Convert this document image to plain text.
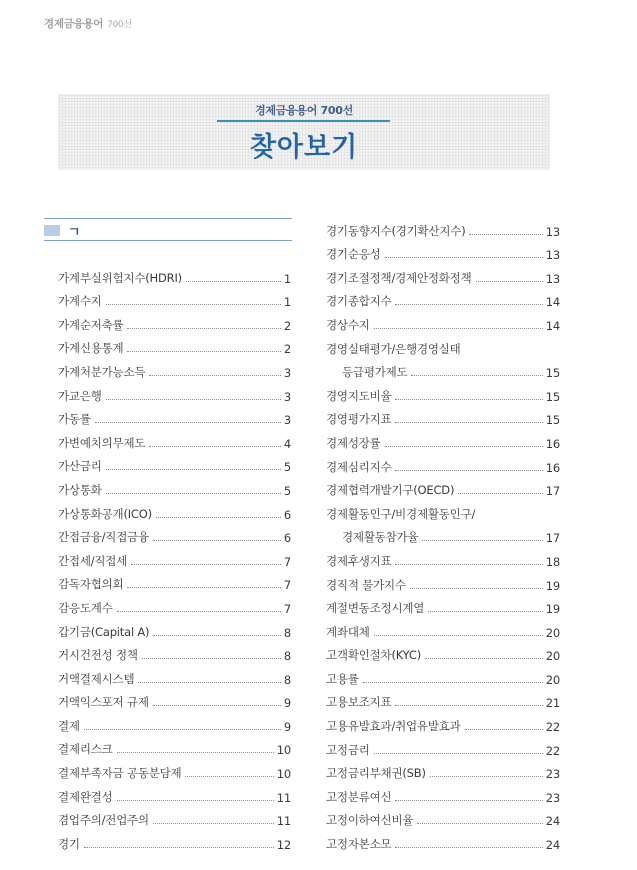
경제금융용어 700선
경제금융용어 700선
찾아보기
ㄱ
가계부실위험지수(HDRI)	1
가계수지	1
가계순저축률	2
가계신용통계	2
가계처분가능소득	3
가교은행	3
가동률	3
가변예치의무제도	4
가산금리	5
가상통화	5
가상통화공개(ICO)	6
간접금융/직접금융	6
간접세/직접세	7
감독자협의회	7
감응도계수	7
갑기금(Capital A)	8
거시건전성 정책	8
거액결제시스템	8
거액익스포저 규제	9
결제	9
결제리스크	10
결제부족자금 공동분담제	10
결제완결성	11
겸업주의/전업주의	11
경기	12
경기동향지수(경기확산지수)	13
경기순응성	13
경기조절정책/경제안정화정책	13
경기종합지수	14
경상수지	14
경영실태평가/은행경영실태
등급평가제도	15
경영지도비율	15
경영평가지표	15
경제성장률	16
경제심리지수	16
경제협력개발기구(OECD)	17
경제활동인구/비경제활동인구/
경제활동참가율	17
경제후생지표	18
경직적 물가지수	19
계절변동조정시계열	19
계좌대체	20
고객확인절차(KYC)	20
고용률	20
고용보조지표	21
고용유발효과/취업유발효과	22
고정금리	22
고정금리부채권(SB)	23
고정분류여신	23
고정이하여신비율	24
고정자본소모	24
